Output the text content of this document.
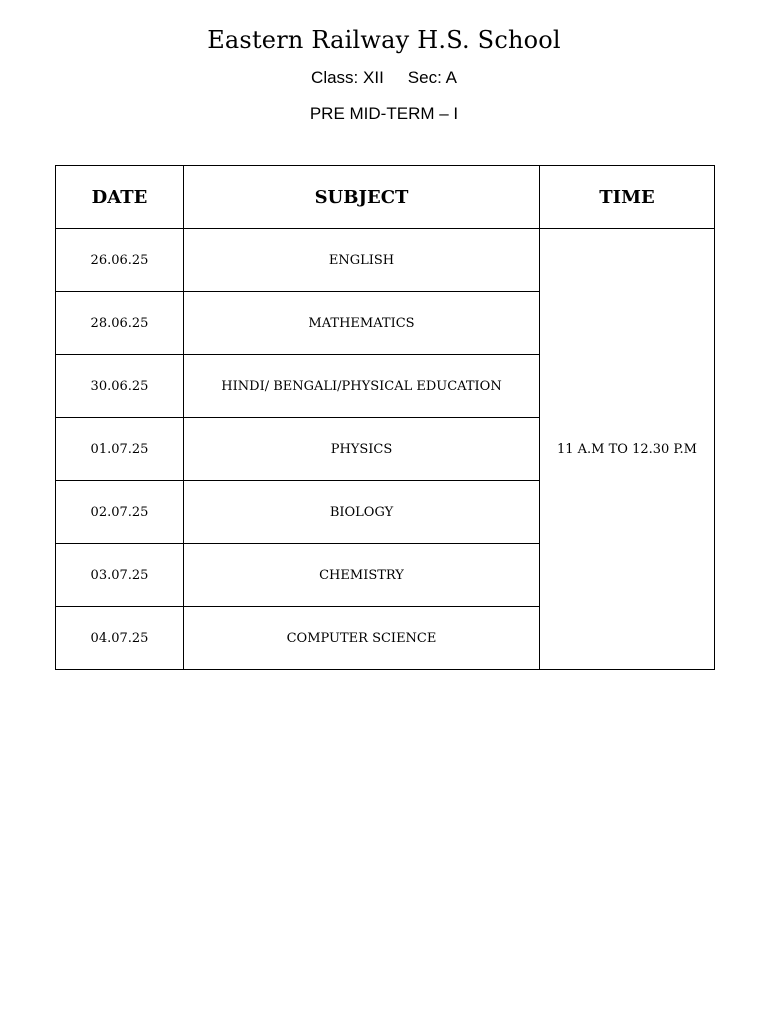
Eastern Railway H.S. School
Class: XII Sec: A
PRE MID-TERM – I
DATE	SUBJECT	TIME
26.06.25	ENGLISH	11 A.M TO 12.30 P.M
28.06.25	MATHEMATICS	
30.06.25	HINDI/ BENGALI/PHYSICAL EDUCATION	
01.07.25	PHYSICS	
02.07.25	BIOLOGY	
03.07.25	CHEMISTRY	
04.07.25	COMPUTER SCIENCE	
